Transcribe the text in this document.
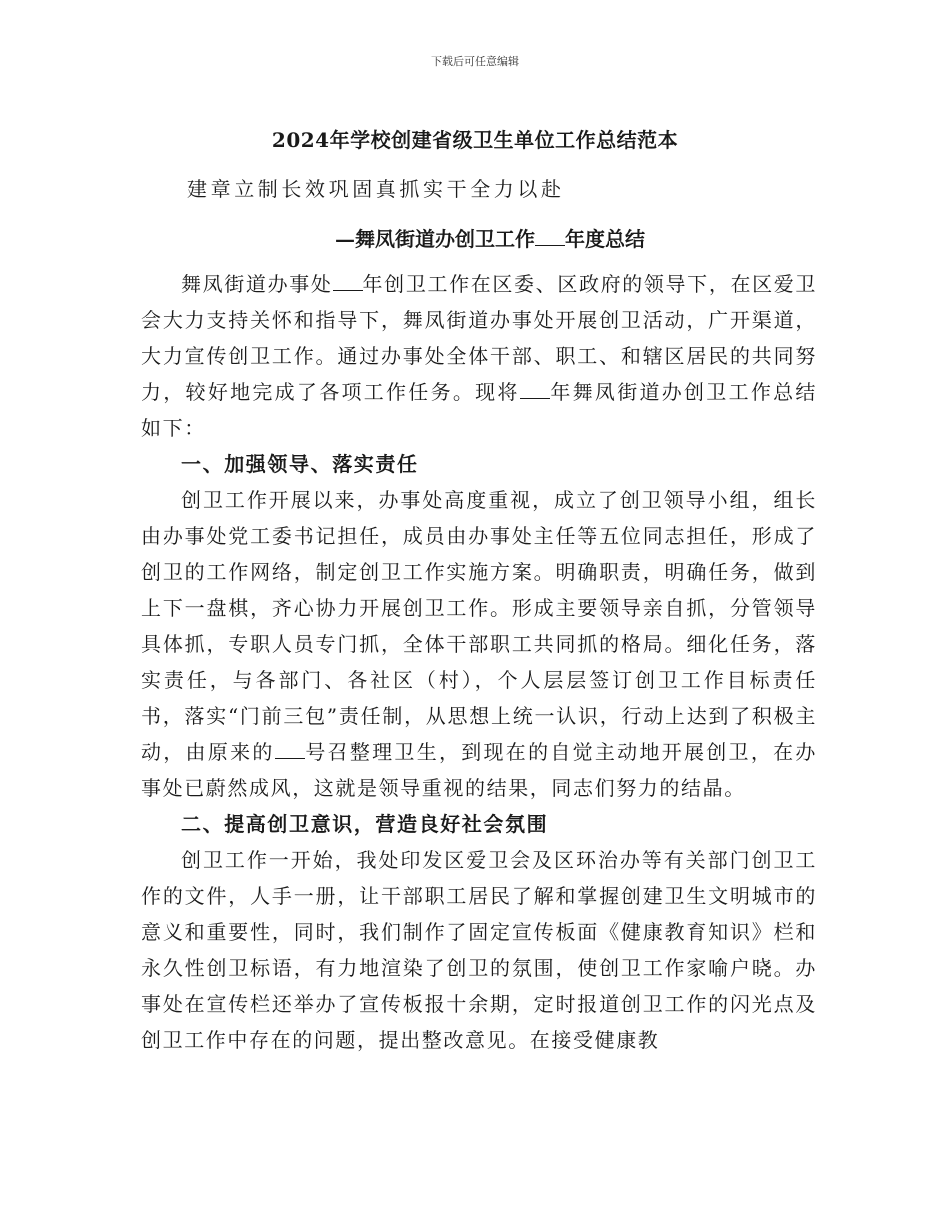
下载后可任意编辑
2024年学校创建省级卫生单位工作总结范本
建章立制长效巩固真抓实干全力以赴
—舞凤街道办创卫工作 年度总结

舞凤街道办事处 年创卫工作在区委、区政府的领导下，在区爱卫会大力支持关怀和指导下，舞凤街道办事处开展创卫活动，广开渠道，大力宣传创卫工作。通过办事处全体干部、职工、和辖区居民的共同努力，较好地完成了各项工作任务。现将 年舞凤街道办创卫工作总结如下：

一、加强领导、落实责任

创卫工作开展以来，办事处高度重视，成立了创卫领导小组，组长由办事处党工委书记担任，成员由办事处主任等五位同志担任，形成了创卫的工作网络，制定创卫工作实施方案。明确职责，明确任务，做到上下一盘棋，齐心协力开展创卫工作。形成主要领导亲自抓，分管领导具体抓，专职人员专门抓，全体干部职工共同抓的格局。细化任务，落实责任，与各部门、各社区（村），个人层层签订创卫工作目标责任书，落实“门前三包”责任制，从思想上统一认识，行动上达到了积极主动，由原来的 号召整理卫生，到现在的自觉主动地开展创卫，在办事处已蔚然成风，这就是领导重视的结果，同志们努力的结晶。

二、提高创卫意识，营造良好社会氛围

创卫工作一开始，我处印发区爱卫会及区环治办等有关部门创卫工作的文件，人手一册，让干部职工居民了解和掌握创建卫生文明城市的意义和重要性，同时，我们制作了固定宣传板面《健康教育知识》栏和永久性创卫标语，有力地渲染了创卫的氛围，使创卫工作家喻户晓。办事处在宣传栏还举办了宣传板报十余期，定时报道创卫工作的闪光点及创卫工作中存在的问题，提出整改意见。在接受健康教
